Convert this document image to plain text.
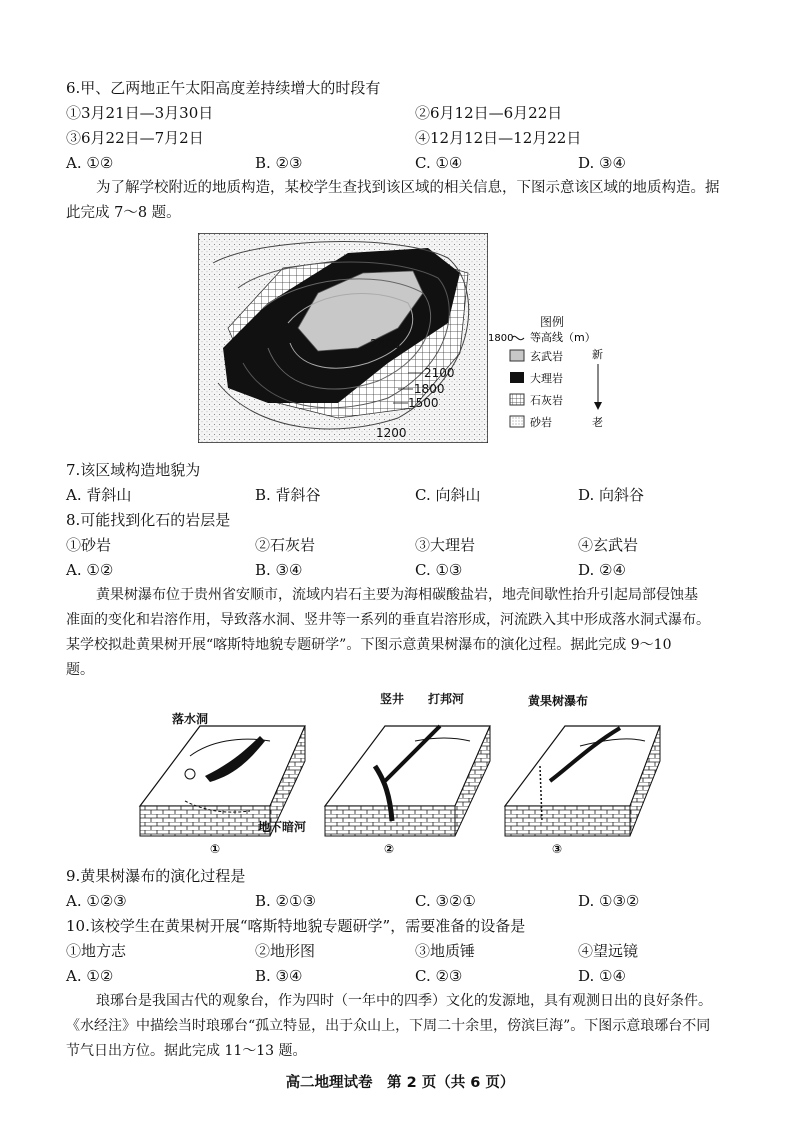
6.甲、乙两地正午太阳高度差持续增大的时段有
①3月21日—3月30日	②6月12日—6月22日
③6月22日—7月2日	④12月12日—12月22日
A. ①②	B. ②③	C. ①④	D. ③④
为了解学校附近的地质构造，某校学生查找到该区域的相关信息，下图示意该区域的地质构造。据
此完成 7～8 题。
2400
2100
1800
1500
1200
图例
1800 等高线（m）
玄武岩
大理岩
石灰岩
砂岩
新
老
7.该区域构造地貌为
A. 背斜山	B. 背斜谷	C. 向斜山	D. 向斜谷
8.可能找到化石的岩层是
①砂岩	②石灰岩	③大理岩	④玄武岩
A. ①②	B. ③④	C. ①③	D. ②④
黄果树瀑布位于贵州省安顺市，流域内岩石主要为海相碳酸盐岩，地壳间歇性抬升引起局部侵蚀基
准面的变化和岩溶作用，导致落水洞、竖井等一系列的垂直岩溶形成，河流跌入其中形成落水洞式瀑布。
某学校拟赴黄果树开展“喀斯特地貌专题研学”。下图示意黄果树瀑布的演化过程。据此完成 9～10
题。
落水洞
地下暗河
竖井 打邦河	黄果树瀑布
①	②	③
9.黄果树瀑布的演化过程是
A. ①②③	B. ②①③	C. ③②①	D. ①③②
10.该校学生在黄果树开展“喀斯特地貌专题研学”，需要准备的设备是
①地方志	②地形图	③地质锤	④望远镜
A. ①②	B. ③④	C. ②③	D. ①④
琅琊台是我国古代的观象台，作为四时（一年中的四季）文化的发源地，具有观测日出的良好条件。
《水经注》中描绘当时琅琊台“孤立特显，出于众山上，下周二十余里，傍滨巨海”。下图示意琅琊台不同
节气日出方位。据此完成 11～13 题。
高二地理试卷　第 2 页（共 6 页）
